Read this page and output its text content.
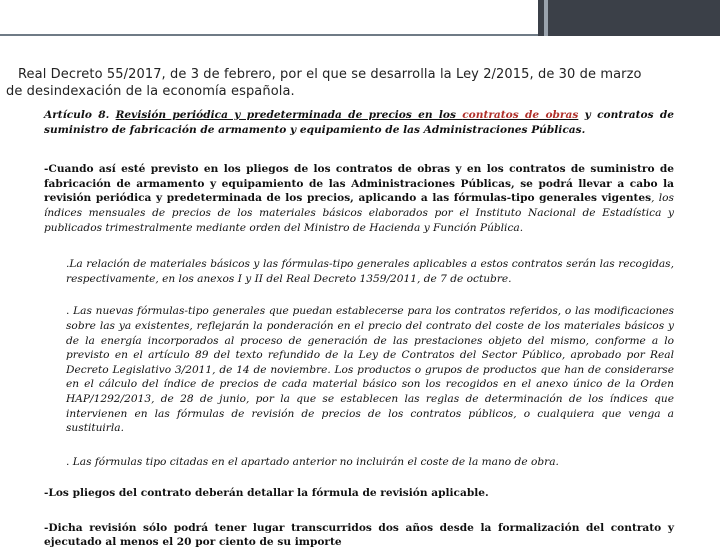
Real Decreto 55/2017, de 3 de febrero, por el que se desarrolla la Ley 2/2015, de 30 de marzo
de desindexación de la economía española.

Artículo 8. Revisión periódica y predeterminada de precios en los contratos de obras y contratos de suministro de fabricación de armamento y equipamiento de las Administraciones Públicas.

-Cuando así esté previsto en los pliegos de los contratos de obras y en los contratos de suministro de fabricación de armamento y equipamiento de las Administraciones Públicas, se podrá llevar a cabo la revisión periódica y predeterminada de los precios, aplicando a las fórmulas-tipo generales vigentes, los índices mensuales de precios de los materiales básicos elaborados por el Instituto Nacional de Estadística y publicados trimestralmente mediante orden del Ministro de Hacienda y Función Pública.

.La relación de materiales básicos y las fórmulas-tipo generales aplicables a estos contratos serán las recogidas, respectivamente, en los anexos I y II del Real Decreto 1359/2011, de 7 de octubre.

. Las nuevas fórmulas-tipo generales que puedan establecerse para los contratos referidos, o las modificaciones sobre las ya existentes, reflejarán la ponderación en el precio del contrato del coste de los materiales básicos y de la energía incorporados al proceso de generación de las prestaciones objeto del mismo, conforme a lo previsto en el artículo 89 del texto refundido de la Ley de Contratos del Sector Público, aprobado por Real Decreto Legislativo 3/2011, de 14 de noviembre. Los productos o grupos de productos que han de considerarse en el cálculo del índice de precios de cada material básico son los recogidos en el anexo único de la Orden HAP/1292/2013, de 28 de junio, por la que se establecen las reglas de determinación de los índices que intervienen en las fórmulas de revisión de precios de los contratos públicos, o cualquiera que venga a sustituirla.

. Las fórmulas tipo citadas en el apartado anterior no incluirán el coste de la mano de obra.

-Los pliegos del contrato deberán detallar la fórmula de revisión aplicable.

-Dicha revisión sólo podrá tener lugar transcurridos dos años desde la formalización del contrato y ejecutado al menos el 20 por ciento de su importe
